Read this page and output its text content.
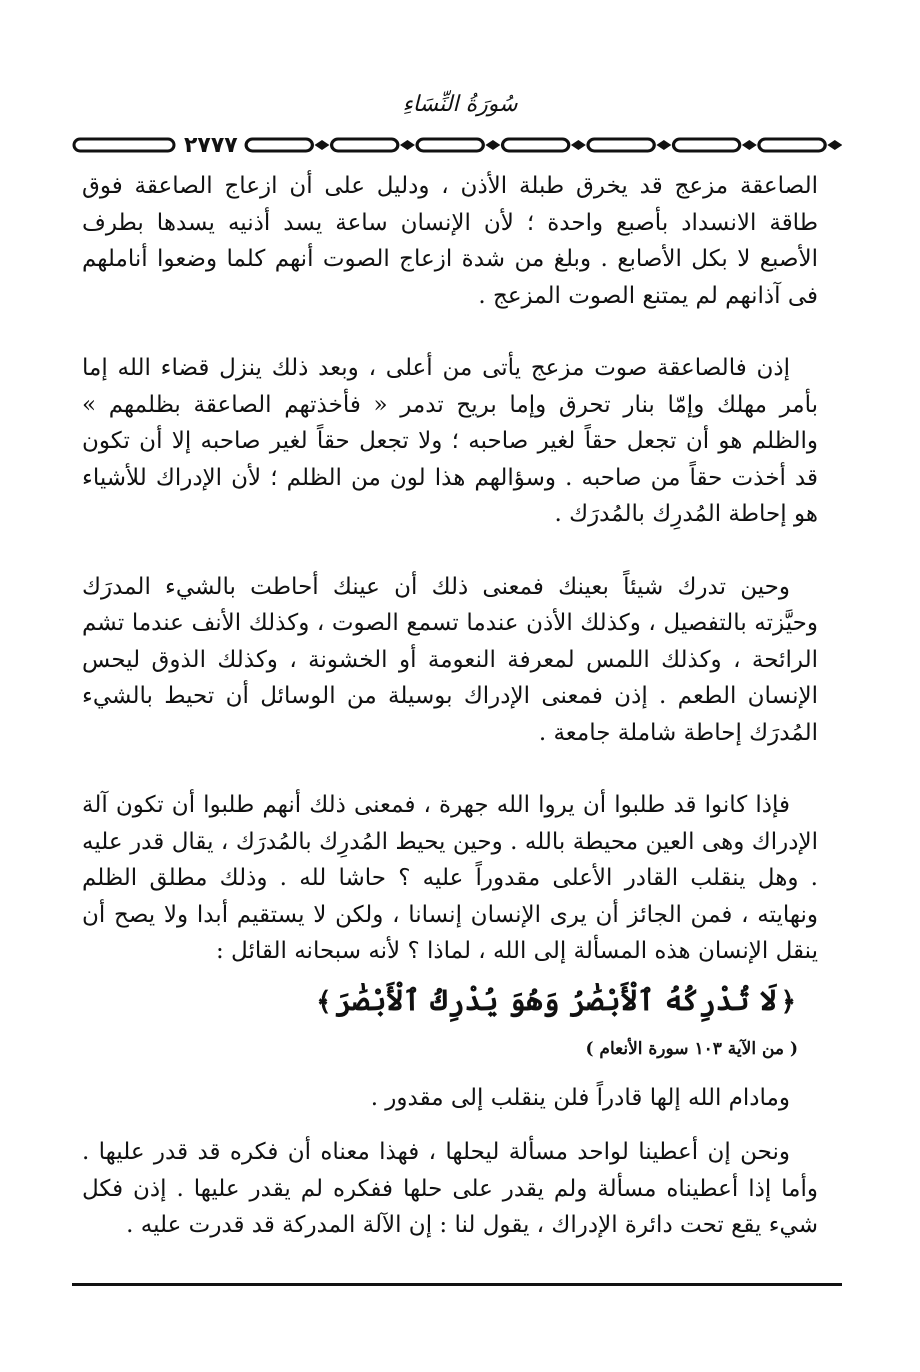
سُورَةُ النِّسَاءِ
٢٧٧٧

الصاعقة مزعج قد يخرق طبلة الأذن ، ودليل على أن ازعاج الصاعقة فوق طاقة الانسداد بأصبع واحدة ؛ لأن الإنسان ساعة يسد أذنيه يسدها بطرف الأصبع لا بكل الأصابع . وبلغ من شدة ازعاج الصوت أنهم كلما وضعوا أناملهم فى آذانهم لم يمتنع الصوت المزعج .

إذن فالصاعقة صوت مزعج يأتى من أعلى ، وبعد ذلك ينزل قضاء الله إما بأمر مهلك وإمّا بنار تحرق وإما بريح تدمر « فأخذتهم الصاعقة بظلمهم » والظلم هو أن تجعل حقاً لغير صاحبه ؛ ولا تجعل حقاً لغير صاحبه إلا أن تكون قد أخذت حقاً من صاحبه . وسؤالهم هذا لون من الظلم ؛ لأن الإدراك للأشياء هو إحاطة المُدرِك بالمُدرَك .

وحين تدرك شيئاً بعينك فمعنى ذلك أن عينك أحاطت بالشيء المدرَك وحيَّزته بالتفصيل ، وكذلك الأذن عندما تسمع الصوت ، وكذلك الأنف عندما تشم الرائحة ، وكذلك اللمس لمعرفة النعومة أو الخشونة ، وكذلك الذوق ليحس الإنسان الطعم . إذن فمعنى الإدراك بوسيلة من الوسائل أن تحيط بالشيء المُدرَك إحاطة شاملة جامعة .

فإذا كانوا قد طلبوا أن يروا الله جهرة ، فمعنى ذلك أنهم طلبوا أن تكون آلة الإدراك وهى العين محيطة بالله . وحين يحيط المُدرِك بالمُدرَك ، يقال قدر عليه . وهل ينقلب القادر الأعلى مقدوراً عليه ؟ حاشا لله . وذلك مطلق الظلم ونهايته ، فمن الجائز أن يرى الإنسان إنسانا ، ولكن لا يستقيم أبدا ولا يصح أن ينقل الإنسان هذه المسألة إلى الله ، لماذا ؟ لأنه سبحانه القائل :

﴿لَا تُدْرِكُهُ ٱلْأَبْصَٰرُ وَهُوَ يُدْرِكُ ٱلْأَبْصَٰرَ﴾
( من الآية ١٠٣ سورة الأنعام )

ومادام الله إلها قادراً فلن ينقلب إلى مقدور .

ونحن إن أعطينا لواحد مسألة ليحلها ، فهذا معناه أن فكره قد قدر عليها . وأما إذا أعطيناه مسألة ولم يقدر على حلها ففكره لم يقدر عليها . إذن فكل شيء يقع تحت دائرة الإدراك ، يقول لنا : إن الآلة المدركة قد قدرت عليه .
